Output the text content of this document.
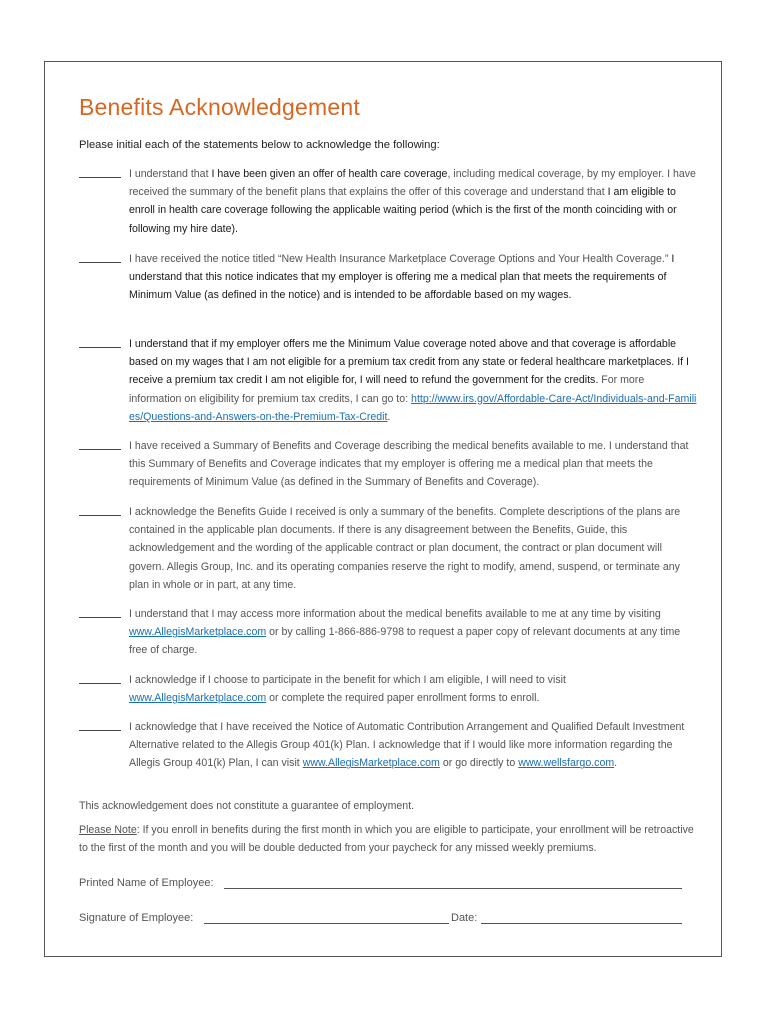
Benefits Acknowledgement
Please initial each of the statements below to acknowledge the following:
I understand that I have been given an offer of health care coverage, including medical coverage, by my employer. I have received the summary of the benefit plans that explains the offer of this coverage and understand that I am eligible to enroll in health care coverage following the applicable waiting period (which is the first of the month coinciding with or following my hire date).
I have received the notice titled “New Health Insurance Marketplace Coverage Options and Your Health Coverage.” I understand that this notice indicates that my employer is offering me a medical plan that meets the requirements of Minimum Value (as defined in the notice) and is intended to be affordable based on my wages.
I understand that if my employer offers me the Minimum Value coverage noted above and that coverage is affordable based on my wages that I am not eligible for a premium tax credit from any state or federal healthcare marketplaces. If I receive a premium tax credit I am not eligible for, I will need to refund the government for the credits. For more information on eligibility for premium tax credits, I can go to: http://www.irs.gov/Affordable-Care-Act/Individuals-and-Families/Questions-and-Answers-on-the-Premium-Tax-Credit.
I have received a Summary of Benefits and Coverage describing the medical benefits available to me. I understand that this Summary of Benefits and Coverage indicates that my employer is offering me a medical plan that meets the requirements of Minimum Value (as defined in the Summary of Benefits and Coverage).
I acknowledge the Benefits Guide I received is only a summary of the benefits. Complete descriptions of the plans are contained in the applicable plan documents. If there is any disagreement between the Benefits, Guide, this acknowledgement and the wording of the applicable contract or plan document, the contract or plan document will govern. Allegis Group, Inc. and its operating companies reserve the right to modify, amend, suspend, or terminate any plan in whole or in part, at any time.
I understand that I may access more information about the medical benefits available to me at any time by visiting www.AllegisMarketplace.com or by calling 1-866-886-9798 to request a paper copy of relevant documents at any time free of charge.
I acknowledge if I choose to participate in the benefit for which I am eligible, I will need to visit www.AllegisMarketplace.com or complete the required paper enrollment forms to enroll.
I acknowledge that I have received the Notice of Automatic Contribution Arrangement and Qualified Default Investment Alternative related to the Allegis Group 401(k) Plan. I acknowledge that if I would like more information regarding the Allegis Group 401(k) Plan, I can visit www.AllegisMarketplace.com or go directly to www.wellsfargo.com.
This acknowledgement does not constitute a guarantee of employment.
Please Note: If you enroll in benefits during the first month in which you are eligible to participate, your enrollment will be retroactive to the first of the month and you will be double deducted from your paycheck for any missed weekly premiums.
Printed Name of Employee:
Signature of Employee:	Date:
